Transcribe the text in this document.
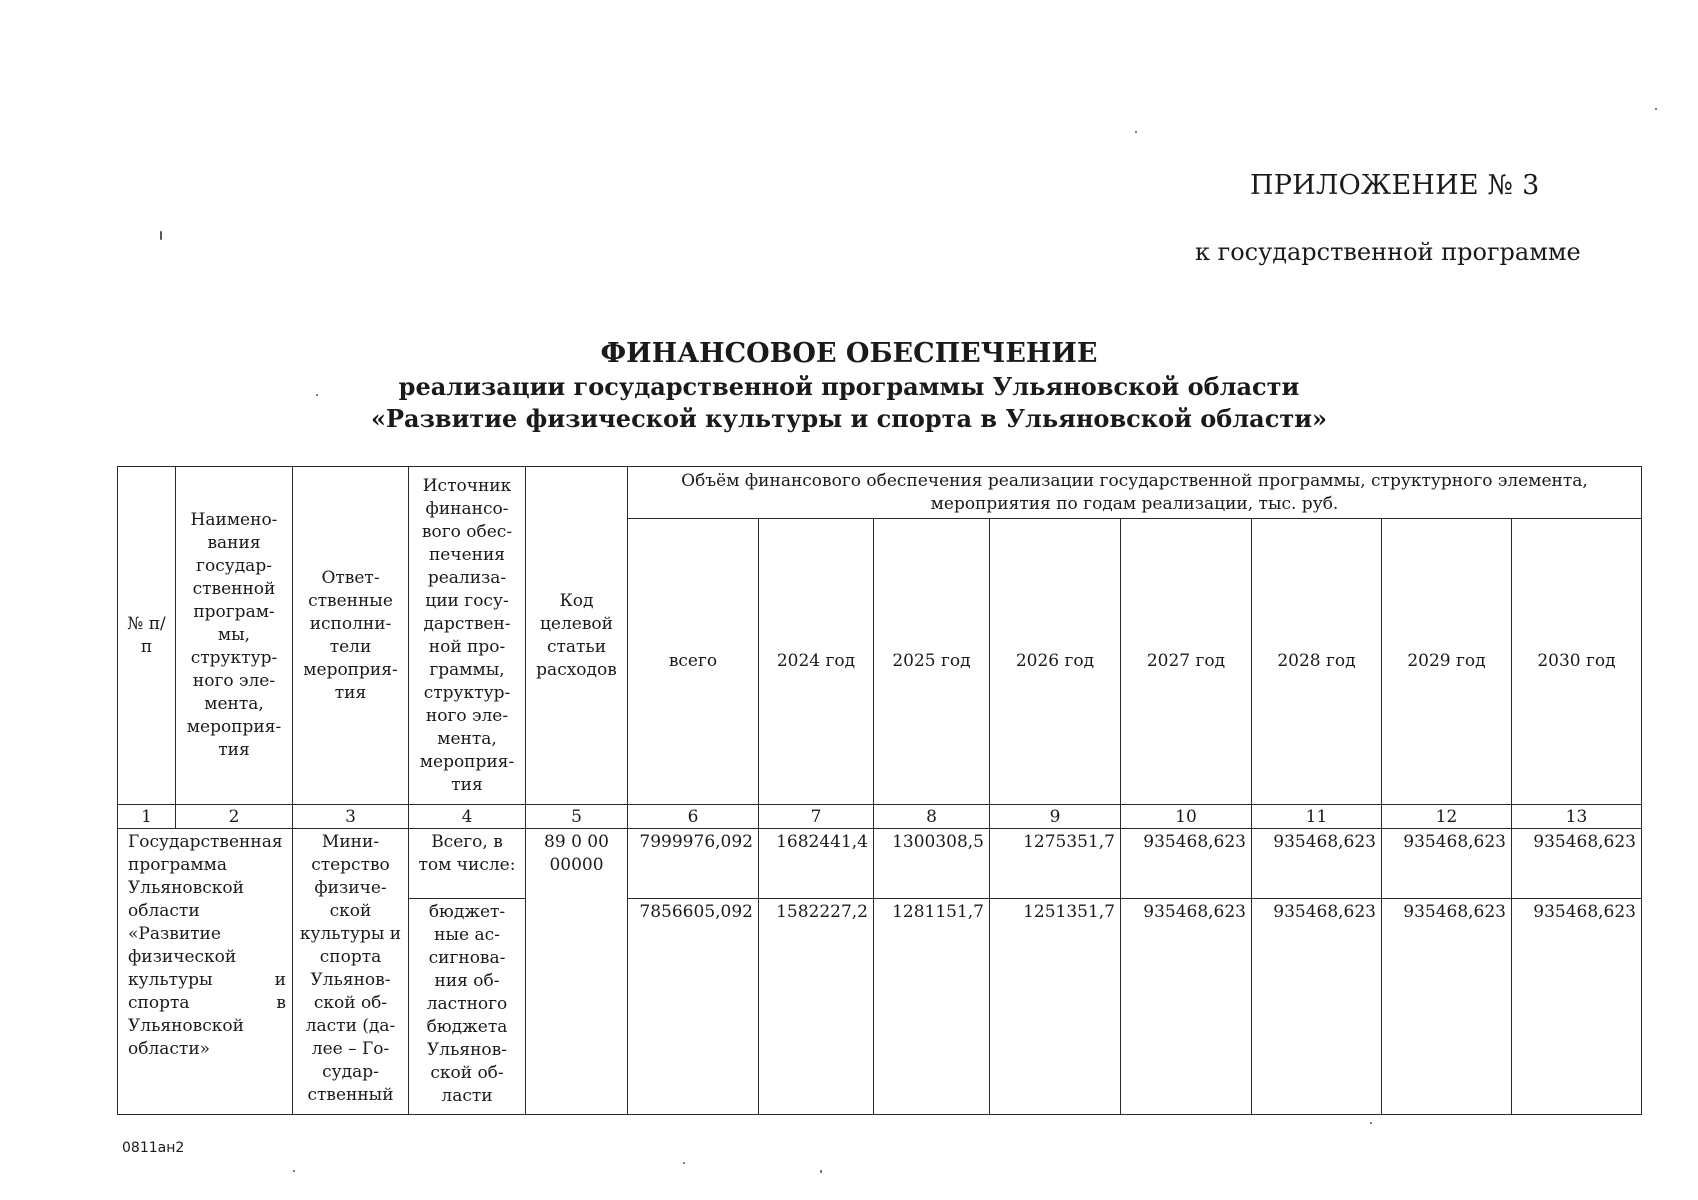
ПРИЛОЖЕНИЕ № 3
к государственной программе
ФИНАНСОВОЕ ОБЕСПЕЧЕНИЕ
реализации государственной программы Ульяновской области
«Развитие физической культуры и спорта в Ульяновской области»
№ п/п	Наимено- вания государ- ственной програм- мы, структур- ного эле- мента, мероприя- тия	Ответ- ственные исполни- тели мероприя- тия	Источник финансо- вого обес- печения реализа- ции госу- дарствен- ной про- граммы, структур- ного эле- мента, мероприя- тия	Код целевой статьи расходов	Объём финансового обеспечения реализации государственной программы, структурного элемента, мероприятия по годам реализации, тыс. руб.							
					всего	2024 год	2025 год	2026 год	2027 год	2028 год	2029 год	2030 год
1	2	3	4	5	6	7	8	9	10	11	12	13
Государственная программа Ульяновской области «Развитие физической культуры и спорта в Ульяновской области»		Мини- стерство физиче- ской культуры и спорта Ульянов- ской об- ласти (да- лее – Го- судар- ственный	Всего, в том числе:	89 0 00 00000	7999976,092	1682441,4	1300308,5	1275351,7	935468,623	935468,623	935468,623	935468,623
			бюджет- ные ас- сигнова- ния об- ластного бюджета Ульянов- ской об- ласти		7856605,092	1582227,2	1281151,7	1251351,7	935468,623	935468,623	935468,623	935468,623
0811ан2
